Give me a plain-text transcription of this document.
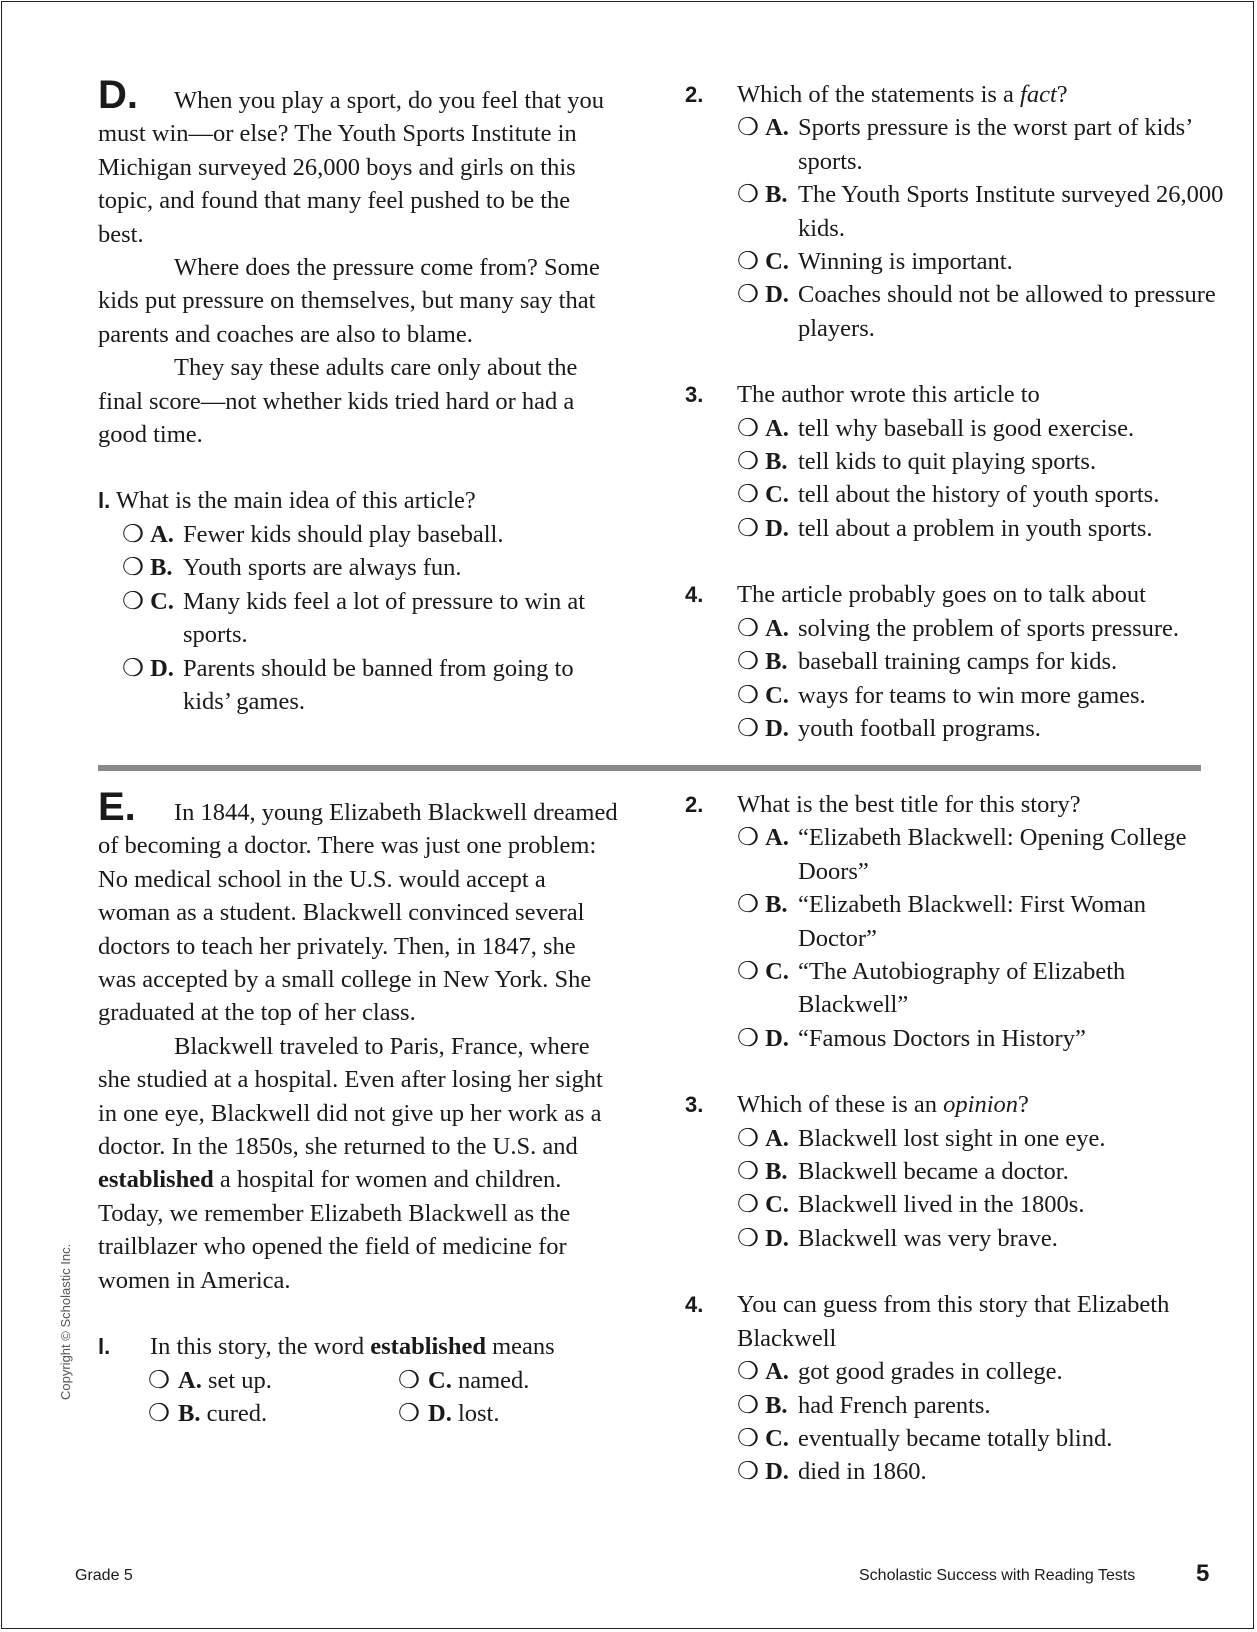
D. When you play a sport, do you feel that you must win—or else? The Youth Sports Institute in Michigan surveyed 26,000 boys and girls on this topic, and found that many feel pushed to be the best.

Where does the pressure come from? Some kids put pressure on themselves, but many say that parents and coaches are also to blame.

They say these adults care only about the final score—not whether kids tried hard or had a good time.

l. What is the main idea of this article?
❍ A. Fewer kids should play baseball.
❍ B. Youth sports are always fun.
❍ C. Many kids feel a lot of pressure to win at sports.
❍ D. Parents should be banned from going to kids’ games.
2. Which of the statements is a fact?
❍ A. Sports pressure is the worst part of kids’ sports.
❍ B. The Youth Sports Institute surveyed 26,000 kids.
❍ C. Winning is important.
❍ D. Coaches should not be allowed to pressure players.
3. The author wrote this article to
❍ A. tell why baseball is good exercise.
❍ B. tell kids to quit playing sports.
❍ C. tell about the history of youth sports.
❍ D. tell about a problem in youth sports.
4. The article probably goes on to talk about
❍ A. solving the problem of sports pressure.
❍ B. baseball training camps for kids.
❍ C. ways for teams to win more games.
❍ D. youth football programs.

E. In 1844, young Elizabeth Blackwell dreamed of becoming a doctor. There was just one problem: No medical school in the U.S. would accept a woman as a student. Blackwell convinced several doctors to teach her privately. Then, in 1847, she was accepted by a small college in New York. She graduated at the top of her class.

Blackwell traveled to Paris, France, where she studied at a hospital. Even after losing her sight in one eye, Blackwell did not give up her work as a doctor. In the 1850s, she returned to the U.S. and established a hospital for women and children. Today, we remember Elizabeth Blackwell as the trailblazer who opened the field of medicine for women in America.

l. In this story, the word established means
❍ A. set up.	❍ C. named.
❍ B. cured.	❍ D. lost.
2. What is the best title for this story?
❍ A. “Elizabeth Blackwell: Opening College Doors”
❍ B. “Elizabeth Blackwell: First Woman Doctor”
❍ C. “The Autobiography of Elizabeth Blackwell”
❍ D. “Famous Doctors in History”
3. Which of these is an opinion?
❍ A. Blackwell lost sight in one eye.
❍ B. Blackwell became a doctor.
❍ C. Blackwell lived in the 1800s.
❍ D. Blackwell was very brave.
4. You can guess from this story that Elizabeth Blackwell
❍ A. got good grades in college.
❍ B. had French parents.
❍ C. eventually became totally blind.
❍ D. died in 1860.
Copyright © Scholastic Inc.
Grade 5	Scholastic Success with Reading Tests	5
